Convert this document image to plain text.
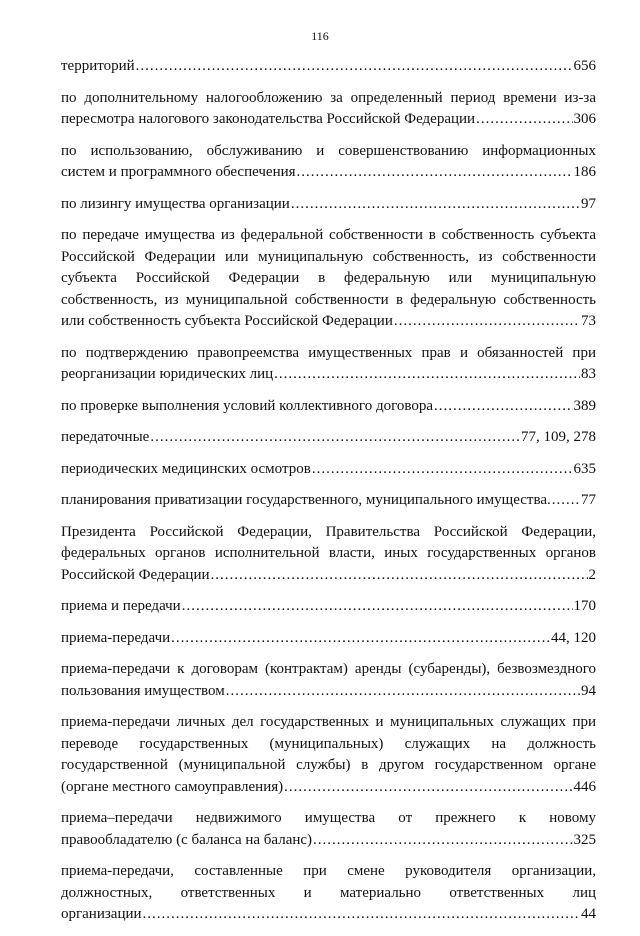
116
территорий .....	656
по дополнительному налогообложению за определенный период времени из-за
пересмотра налогового законодательства Российской Федерации .....	306
по использованию, обслуживанию и совершенствованию информационных
систем и программного обеспечения .....	186
по лизингу имущества организации .....	97
по передаче имущества из федеральной собственности в собственность субъекта
Российской Федерации или муниципальную собственность, из собственности
субъекта Российской Федерации в федеральную или муниципальную
собственность, из муниципальной собственности в федеральную собственность
или собственность субъекта Российской Федерации .....	73
по подтверждению правопреемства имущественных прав и обязанностей при
реорганизации юридических лиц .....	83
по проверке выполнения условий коллективного договора .....	389
передаточные .....	77, 109, 278
периодических медицинских осмотров .....	635
планирования приватизации государственного, муниципального имущества. ..... 77
Президента Российской Федерации, Правительства Российской Федерации,
федеральных органов исполнительной власти, иных государственных органов
Российской Федерации .....	2
приема и передачи .....	170
приема-передачи .....	44, 120
приема-передачи к договорам (контрактам) аренды (субаренды), безвозмездного
пользования имуществом .....	94
приема-передачи личных дел государственных и муниципальных служащих при
переводе государственных (муниципальных) служащих на должность
государственной (муниципальной службы) в другом государственном органе
(органе местного самоуправления) .....	446
приема–передачи недвижимого имущества от прежнего к новому
правообладателю (с баланса на баланс) .....	325
приема-передачи, составленные при смене руководителя организации,
должностных, ответственных и материально ответственных лиц
организации .....	44
